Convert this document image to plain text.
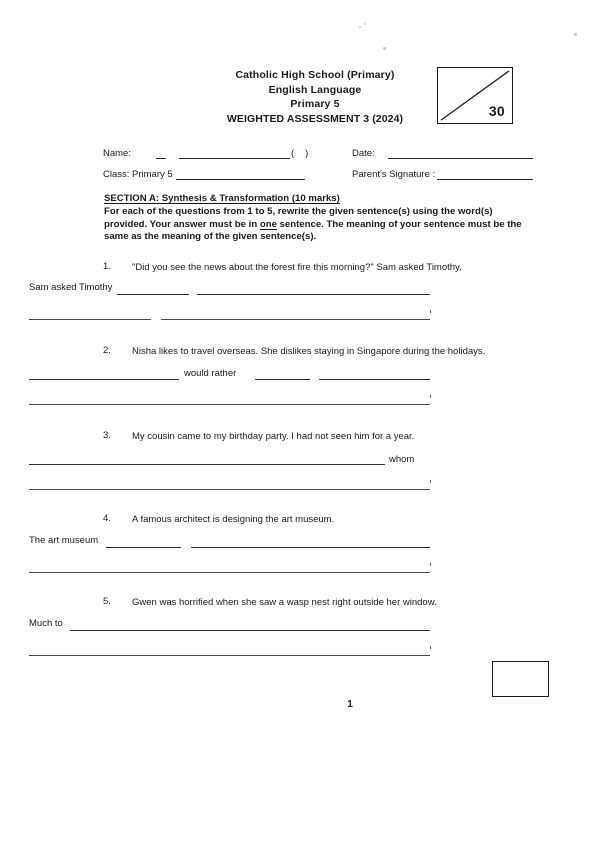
Catholic High School (Primary)
English Language
Primary 5
WEIGHTED ASSESSMENT 3 (2024)	30
Name:	()	Date:
Class: Primary 5	Parent's Signature :
SECTION A: Synthesis & Transformation (10 marks)
For each of the questions from 1 to 5, rewrite the given sentence(s) using the word(s) provided. Your answer must be in one sentence. The meaning of your sentence must be the same as the meaning of the given sentence(s).
1. "Did you see the news about the forest fire this morning?" Sam asked Timothy.
Sam asked Timothy
2. Nisha likes to travel overseas. She dislikes staying in Singapore during the holidays.
would rather
3. My cousin came to my birthday party. I had not seen him for a year.
whom
4. A famous architect is designing the art museum.
The art museum
5. Gwen was horrified when she saw a wasp nest right outside her window.
Much to
1
